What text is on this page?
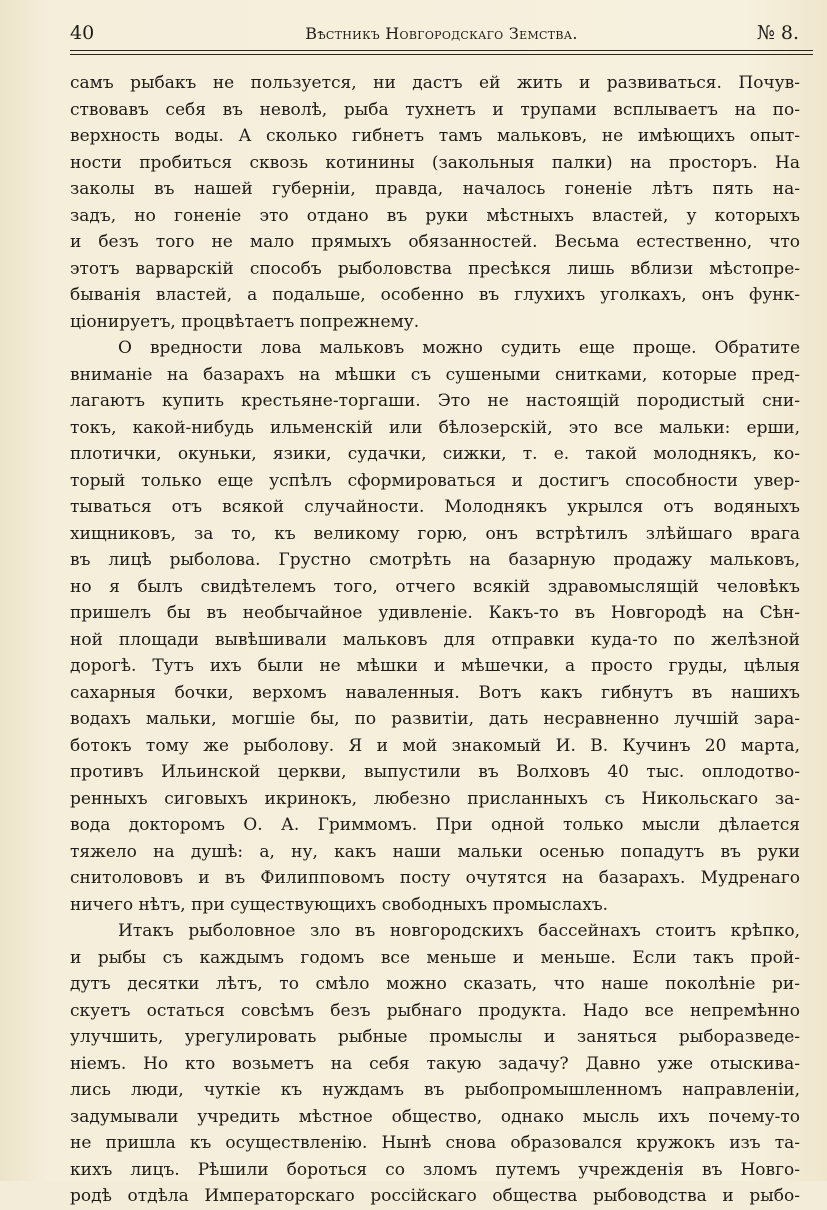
40	Вѣстникъ Новгородскаго Земства.	№ 8.
самъ рыбакъ не пользуется, ни дастъ ей жить и развиваться. Почув-
ствовавъ себя въ неволѣ, рыба тухнетъ и трупами всплываетъ на по-
верхность воды. А сколько гибнетъ тамъ мальковъ, не имѣющихъ опыт-
ности пробиться сквозь котинины (закольныя палки) на просторъ. На
заколы въ нашей губерніи, правда, началось гоненіе лѣтъ пять на-
задъ, но гоненіе это отдано въ руки мѣстныхъ властей, у которыхъ
и безъ того не мало прямыхъ обязанностей. Весьма естественно, что
этотъ варварскій способъ рыболовства пресѣкся лишь вблизи мѣстопре-
быванія властей, а подальше, особенно въ глухихъ уголкахъ, онъ функ-
ціонируетъ, процвѣтаетъ попрежнему.
О вредности лова мальковъ можно судить еще проще. Обратите
вниманіе на базарахъ на мѣшки съ сушеными снитками, которые пред-
лагаютъ купить крестьяне-торгаши. Это не настоящій породистый сни-
токъ, какой-нибудь ильменскій или бѣлозерскій, это все мальки: ерши,
плотички, окуньки, язики, судачки, сижки, т. е. такой молоднякъ, ко-
торый только еще успѣлъ сформироваться и достигъ способности увер-
тываться отъ всякой случайности. Молоднякъ укрылся отъ водяныхъ
хищниковъ, за то, къ великому горю, онъ встрѣтилъ злѣйшаго врага
въ лицѣ рыболова. Грустно смотрѣть на базарную продажу мальковъ,
но я былъ свидѣтелемъ того, отчего всякій здравомыслящій человѣкъ
пришелъ бы въ необычайное удивленіе. Какъ-то въ Новгородѣ на Сѣн-
ной площади вывѣшивали мальковъ для отправки куда-то по желѣзной
дорогѣ. Тутъ ихъ были не мѣшки и мѣшечки, а просто груды, цѣлыя
сахарныя бочки, верхомъ наваленныя. Вотъ какъ гибнутъ въ нашихъ
водахъ мальки, могшіе бы, по развитіи, дать несравненно лучшій зара-
ботокъ тому же рыболову. Я и мой знакомый И. В. Кучинъ 20 марта,
противъ Ильинской церкви, выпустили въ Волховъ 40 тыс. оплодотво-
ренныхъ сиговыхъ икринокъ, любезно присланныхъ съ Никольскаго за-
вода докторомъ О. А. Гриммомъ. При одной только мысли дѣлается
тяжело на душѣ: а, ну, какъ наши мальки осенью попадутъ въ руки
снитолововъ и въ Филипповомъ посту очутятся на базарахъ. Мудренаго
ничего нѣтъ, при существующихъ свободныхъ промыслахъ.
Итакъ рыболовное зло въ новгородскихъ бассейнахъ стоитъ крѣпко,
и рыбы съ каждымъ годомъ все меньше и меньше. Если такъ прой-
дутъ десятки лѣтъ, то смѣло можно сказать, что наше поколѣніе ри-
скуетъ остаться совсѣмъ безъ рыбнаго продукта. Надо все непремѣнно
улучшить, урегулировать рыбные промыслы и заняться рыборазведе-
ніемъ. Но кто возьметъ на себя такую задачу? Давно уже отыскива-
лись люди, чуткіе къ нуждамъ въ рыбопромышленномъ направленіи,
задумывали учредить мѣстное общество, однако мысль ихъ почему-то
не пришла къ осуществленію. Нынѣ снова образовался кружокъ изъ та-
кихъ лицъ. Рѣшили бороться со зломъ путемъ учрежденія въ Новго-
родѣ отдѣла Императорскаго россійскаго общества рыбоводства и рыбо-
